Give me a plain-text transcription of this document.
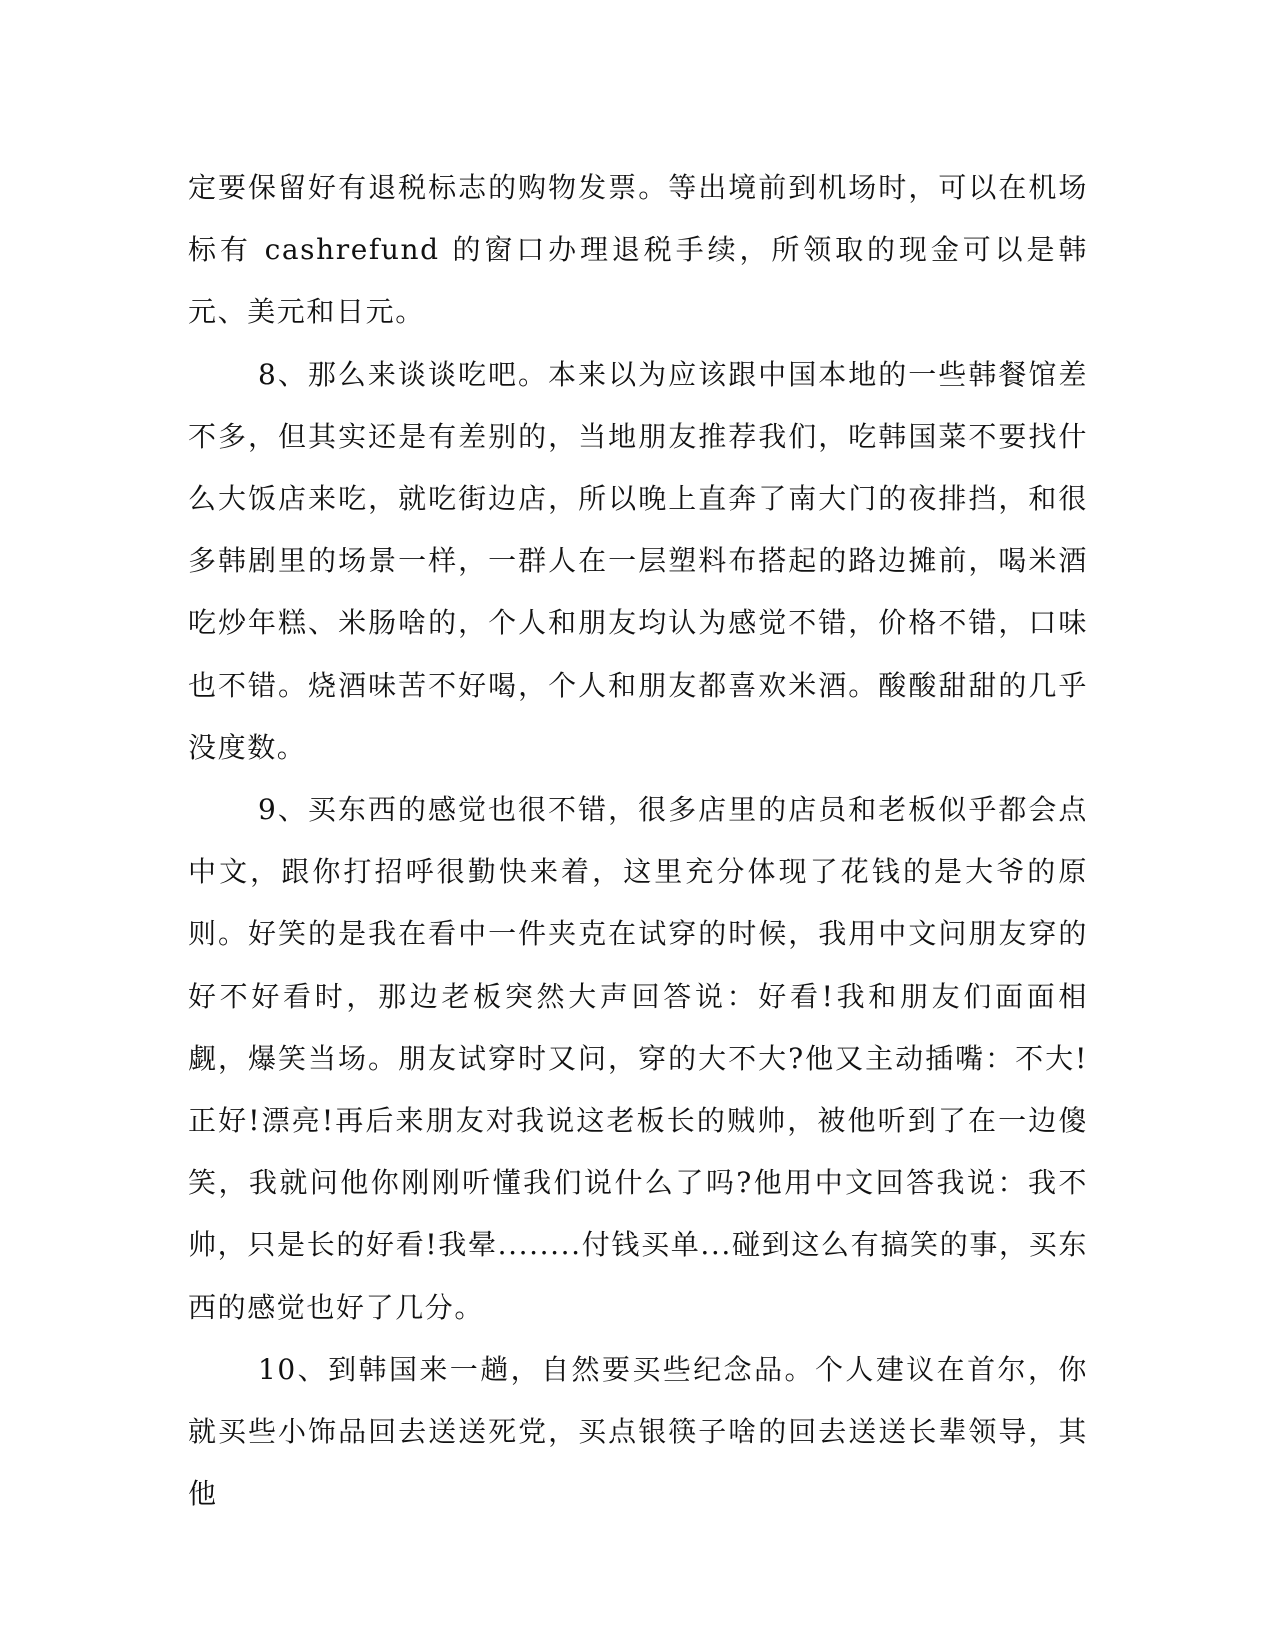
定要保留好有退税标志的购物发票。等出境前到机场时，可以在机场标有 cashrefund 的窗口办理退税手续，所领取的现金可以是韩元、美元和日元。

8、那么来谈谈吃吧。本来以为应该跟中国本地的一些韩餐馆差不多，但其实还是有差别的，当地朋友推荐我们，吃韩国菜不要找什么大饭店来吃，就吃街边店，所以晚上直奔了南大门的夜排挡，和很多韩剧里的场景一样，一群人在一层塑料布搭起的路边摊前，喝米酒吃炒年糕、米肠啥的，个人和朋友均认为感觉不错，价格不错，口味也不错。烧酒味苦不好喝，个人和朋友都喜欢米酒。酸酸甜甜的几乎没度数。

9、买东西的感觉也很不错，很多店里的店员和老板似乎都会点中文，跟你打招呼很勤快来着，这里充分体现了花钱的是大爷的原则。好笑的是我在看中一件夹克在试穿的时候，我用中文问朋友穿的好不好看时，那边老板突然大声回答说：好看!我和朋友们面面相觑，爆笑当场。朋友试穿时又问，穿的大不大?他又主动插嘴：不大!正好!漂亮!再后来朋友对我说这老板长的贼帅，被他听到了在一边傻笑，我就问他你刚刚听懂我们说什么了吗?他用中文回答我说：我不帅，只是长的好看!我晕........付钱买单...碰到这么有搞笑的事，买东西的感觉也好了几分。

10、到韩国来一趟，自然要买些纪念品。个人建议在首尔，你就买些小饰品回去送送死党，买点银筷子啥的回去送送长辈领导，其他
